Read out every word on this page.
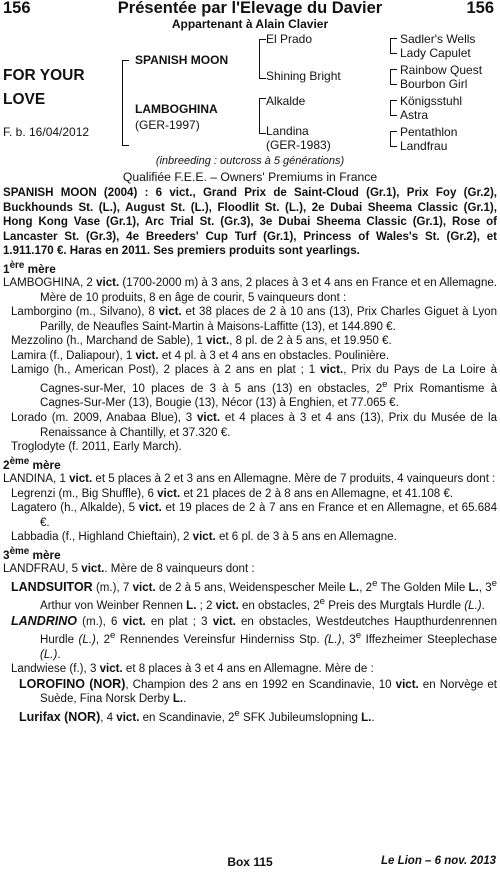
156	Présentée par l'Elevage du Davier	156
Appartenant à Alain Clavier
FOR YOUR
LOVE
F. b. 16/04/2012
SPANISH MOON
LAMBOGHINA
(GER-1997)
El Prado
Shining Bright
Alkalde
Landina
(GER-1983)
Sadler's Wells
Lady Capulet
Rainbow Quest
Bourbon Girl
Königsstuhl
Astra
Pentathlon
Landfrau
(inbreeding : outcross à 5 générations)
Qualifiée F.E.E. – Owners' Premiums in France

SPANISH MOON (2004) : 6 vict., Grand Prix de Saint-Cloud (Gr.1), Prix Foy (Gr.2), Buckhounds St. (L.), August St. (L.), Floodlit St. (L.), 2e Dubai Sheema Classic (Gr.1), Hong Kong Vase (Gr.1), Arc Trial St. (Gr.3), 3e Dubai Sheema Classic (Gr.1), Rose of Lancaster St. (Gr.3), 4e Breeders' Cup Turf (Gr.1), Princess of Wales's St. (Gr.2), et 1.911.170 €. Haras en 2011. Ses premiers produits sont yearlings.

1ère mère

LAMBOGHINA, 2 vict. (1700-2000 m) à 3 ans, 2 places à 3 et 4 ans en France et en Allemagne. Mère de 10 produits, 8 en âge de courir, 5 vainqueurs dont :

Lamborgino (m., Silvano), 8 vict. et 38 places de 2 à 10 ans (13), Prix Charles Giguet à Lyon Parilly, de Neaufles Saint-Martin à Maisons-Laffitte (13), et 144.890 €.

Mezzolino (h., Marchand de Sable), 1 vict., 8 pl. de 2 à 5 ans, et 19.950 €.

Lamira (f., Daliapour), 1 vict. et 4 pl. à 3 et 4 ans en obstacles. Poulinière.

Lamigo (h., American Post), 2 places à 2 ans en plat ; 1 vict., Prix du Pays de La Loire à Cagnes-sur-Mer, 10 places de 3 à 5 ans (13) en obstacles, 2e Prix Romantisme à Cagnes-Sur-Mer (13), Bougie (13), Nécor (13) à Enghien, et 77.065 €.

Lorado (m. 2009, Anabaa Blue), 3 vict. et 4 places à 3 et 4 ans (13), Prix du Musée de la Renaissance à Chantilly, et 37.320 €.

Troglodyte (f. 2011, Early March).

2ème mère

LANDINA, 1 vict. et 5 places à 2 et 3 ans en Allemagne. Mère de 7 produits, 4 vainqueurs dont :

Legrenzi (m., Big Shuffle), 6 vict. et 21 places de 2 à 8 ans en Allemagne, et 41.108 €.

Lagatero (h., Alkalde), 5 vict. et 19 places de 2 à 7 ans en France et en Allemagne, et 65.684 €.

Labbadia (f., Highland Chieftain), 2 vict. et 6 pl. de 3 à 5 ans en Allemagne.

3ème mère

LANDFRAU, 5 vict.. Mère de 8 vainqueurs dont :

LANDSUITOR (m.), 7 vict. de 2 à 5 ans, Weidenspescher Meile L., 2e The Golden Mile L., 3e Arthur von Weinber Rennen L. ; 2 vict. en obstacles, 2e Preis des Murgtals Hurdle (L.).

LANDRINO (m.), 6 vict. en plat ; 3 vict. en obstacles, Westdeutches Haupthurdenrennen Hurdle (L.), 2e Rennendes Vereinsfur Hinderniss Stp. (L.), 3e Iffezheimer Steeplechase (L.).

Landwiese (f.), 3 vict. et 8 places à 3 et 4 ans en Allemagne. Mère de :

LOROFINO (NOR), Champion des 2 ans en 1992 en Scandinavie, 10 vict. en Norvège et Suède, Fina Norsk Derby L..

Lurifax (NOR), 4 vict. en Scandinavie, 2e SFK Jubileumslopning L..

Box 115	Le Lion – 6 nov. 2013
